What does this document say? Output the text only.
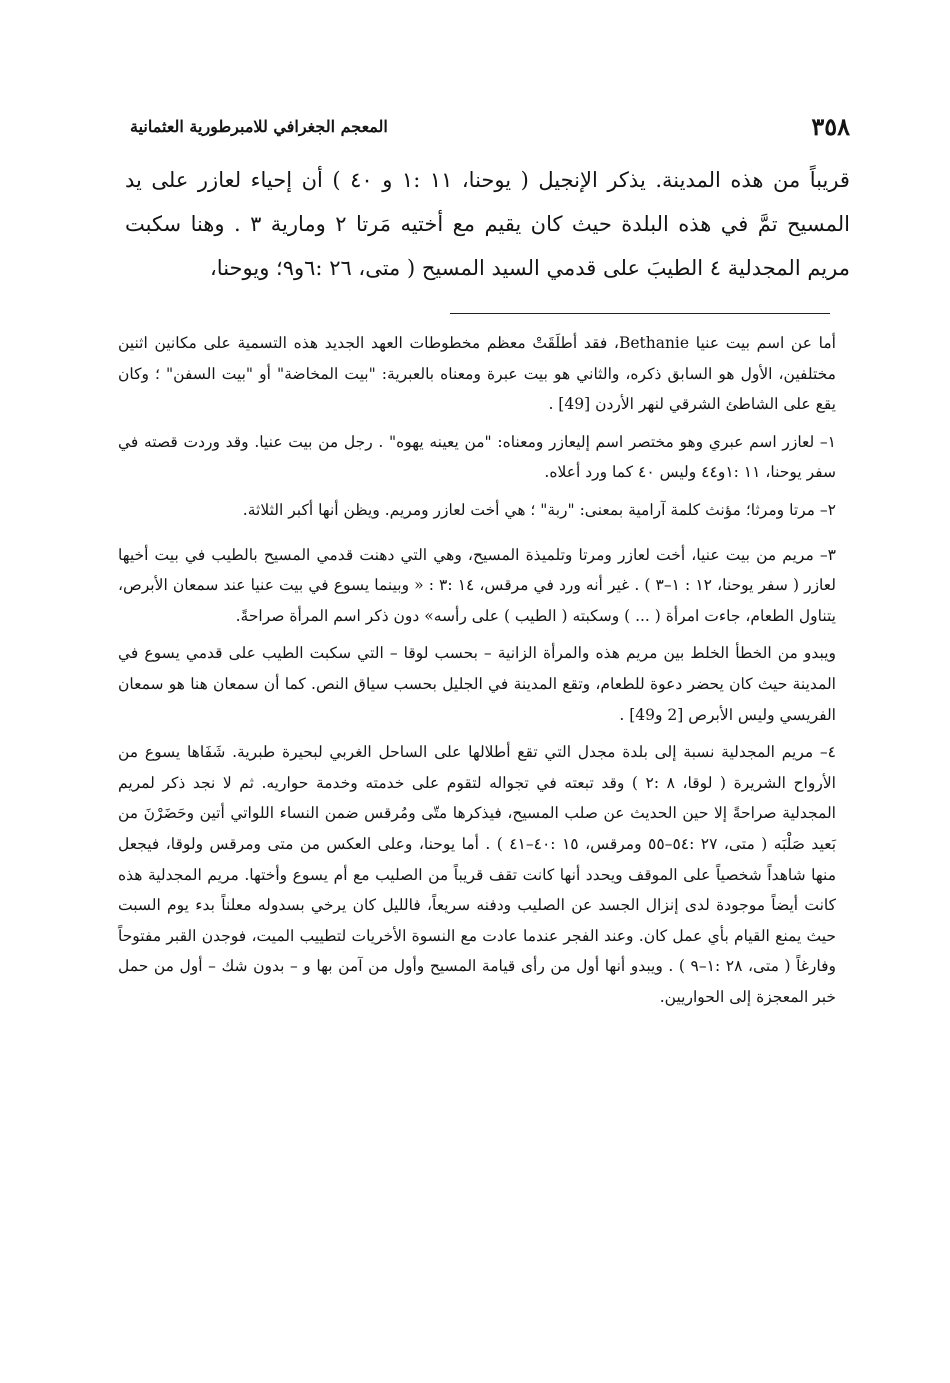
٣٥٨
المعجم الجغرافي للامبرطورية العثمانية

قريباً من هذه المدينة. يذكر الإنجيل ( يوحنا، ١١ :١ و ٤٠ ) أن إحياء لعازر على يد المسيح تمَّ في هذه البلدة حيث كان يقيم مع أختيه مَرتا ٢ ومارية ٣ . وهنا سكبت مريم المجدلية ٤ الطيبَ على قدمي السيد المسيح ( متى، ٢٦ :٦و٩؛ ويوحنا،

أما عن اسم بيت عنيا Bethanie، فقد أطلَقَتْ معظم مخطوطات العهد الجديد هذه التسمية على مكانين اثنين مختلفين، الأول هو السابق ذكره، والثاني هو بيت عبرة ومعناه بالعبرية: "بيت المخاضة" أو "بيت السفن" ؛ وكان يقع على الشاطئ الشرقي لنهر الأردن [49] .

١– لعازر اسم عبري وهو مختصر اسم إليعازر ومعناه: "من يعينه يهوه" . رجل من بيت عنيا. وقد وردت قصته في سفر يوحنا، ١١ :١و٤٤ وليس ٤٠ كما ورد أعلاه.

٢– مرتا ومرثا؛ مؤنث كلمة آرامية بمعنى: "ربة" ؛ هي أخت لعازر ومريم. ويظن أنها أكبر الثلاثة.

٣– مريم من بيت عنيا، أخت لعازر ومرتا وتلميذة المسيح، وهي التي دهنت قدمي المسيح بالطيب في بيت أخيها لعازر ( سفر يوحنا، ١٢ : ١–٣ ) . غير أنه ورد في مرقس، ١٤ :٣ : « وبينما يسوع في بيت عنيا عند سمعان الأبرص، يتناول الطعام، جاءت امرأة ( ... ) وسكبته ( الطيب ) على رأسه» دون ذكر اسم المرأة صراحةً.

ويبدو من الخطأ الخلط بين مريم هذه والمرأة الزانية – بحسب لوقا – التي سكبت الطيب على قدمي يسوع في المدينة حيث كان يحضر دعوة للطعام، وتقع المدينة في الجليل بحسب سياق النص. كما أن سمعان هنا هو سمعان الفريسي وليس الأبرص [2 و49] .

٤– مريم المجدلية نسبة إلى بلدة مجدل التي تقع أطلالها على الساحل الغربي لبحيرة طبرية. شَفَاها يسوع من الأرواح الشريرة ( لوقا، ٨ :٢ ) وقد تبعته في تجواله لتقوم على خدمته وخدمة حواريه. ثم لا نجد ذكر لمريم المجدلية صراحةً إلا حين الحديث عن صلب المسيح، فيذكرها متّى ومُرقس ضمن النساء اللواتي أتين وحَضَرْنَ من بَعيد صَلْبَه ( متى، ٢٧ :٥٤–٥٥ ومرقس، ١٥ :٤٠–٤١ ) . أما يوحنا، وعلى العكس من متى ومرقس ولوقا، فيجعل منها شاهداً شخصياً على الموقف ويحدد أنها كانت تقف قريباً من الصليب مع أم يسوع وأختها. مريم المجدلية هذه كانت أيضاً موجودة لدى إنزال الجسد عن الصليب ودفنه سريعاً، فالليل كان يرخي بسدوله معلناً بدء يوم السبت حيث يمنع القيام بأي عمل كان. وعند الفجر عندما عادت مع النسوة الأخريات لتطييب الميت، فوجدن القبر مفتوحاً وفارغاً ( متى، ٢٨ :١–٩ ) . ويبدو أنها أول من رأى قيامة المسيح وأول من آمن بها و – بدون شك – أول من حمل خبر المعجزة إلى الحواريين.
